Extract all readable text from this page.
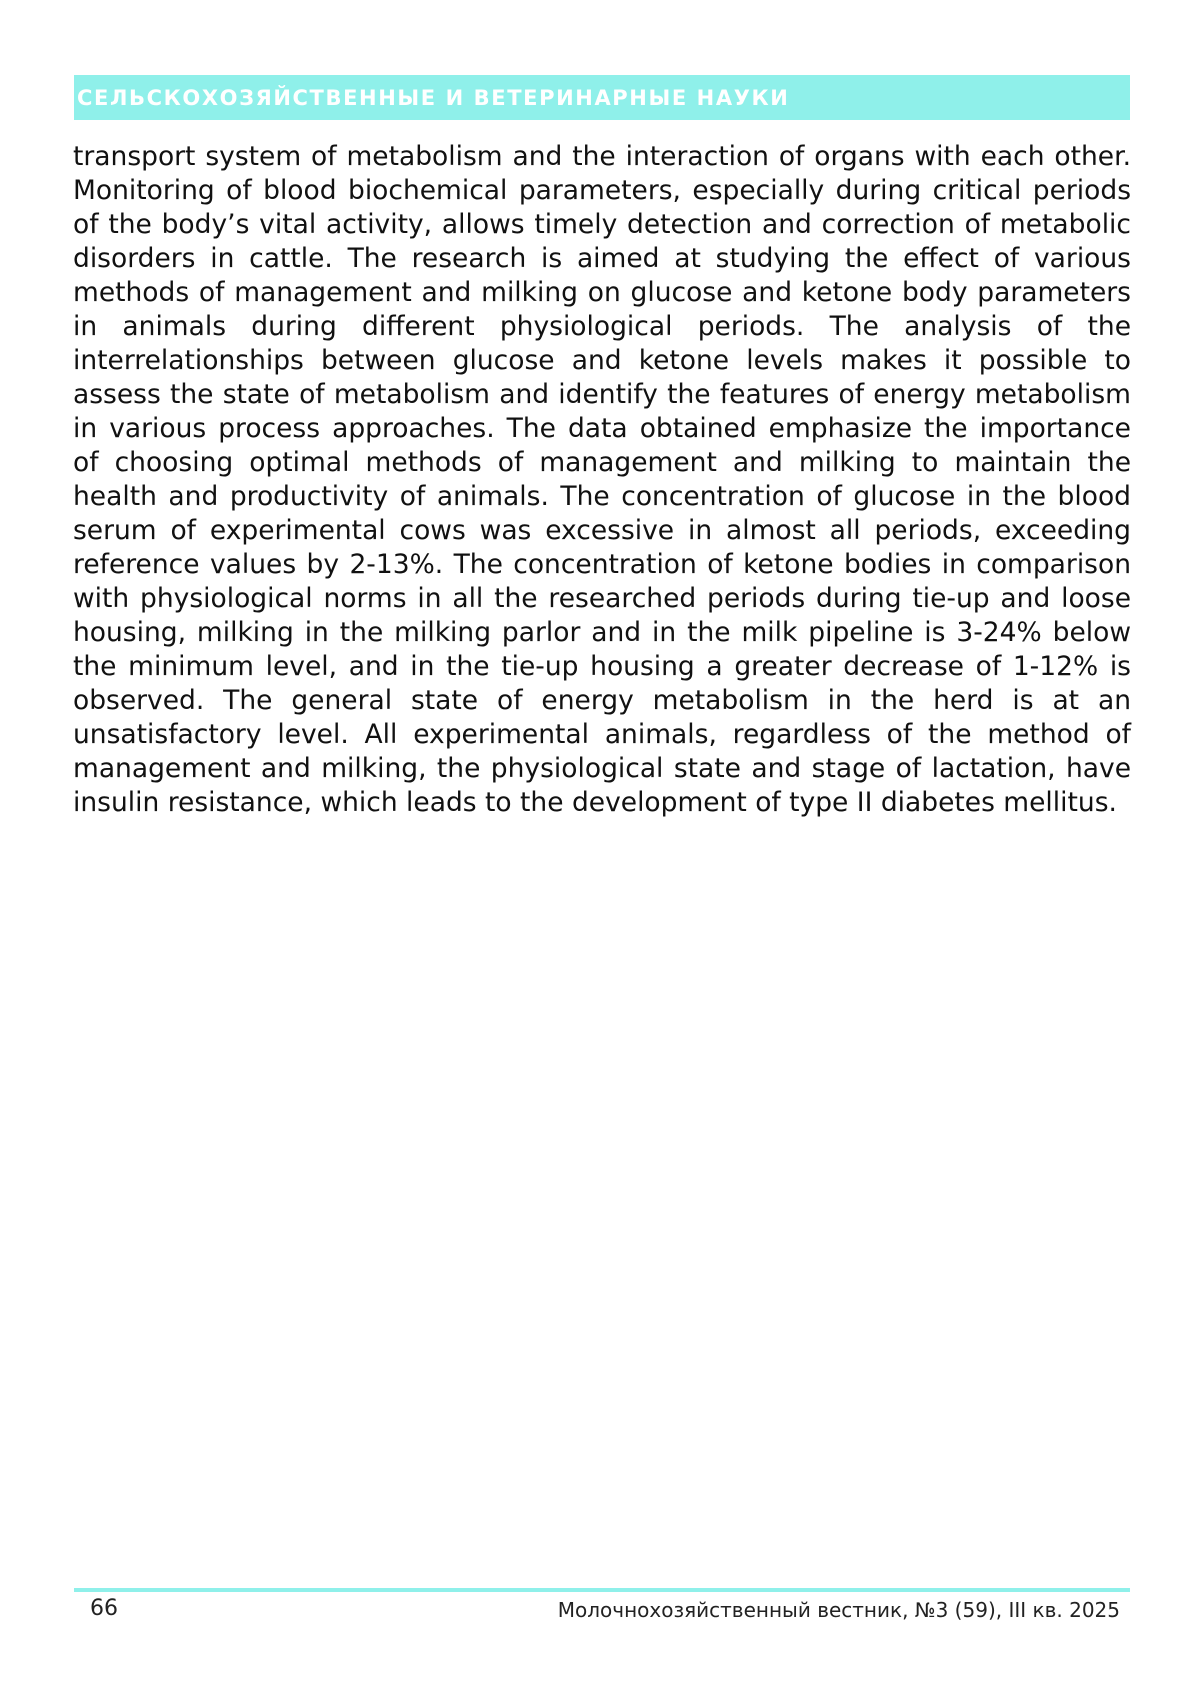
СЕЛЬСКОХОЗЯЙСТВЕННЫЕ И ВЕТЕРИНАРНЫЕ НАУКИ

transport system of metabolism and the interaction of organs with each other. Monitoring of blood biochemical parameters, especially during critical periods of the body’s vital activity, allows timely detection and correction of metabolic disorders in cattle. The research is aimed at studying the effect of various methods of management and milking on glucose and ketone body parameters in animals during different physiological periods. The analysis of the interrelationships between glucose and ketone levels makes it possible to assess the state of metabolism and identify the features of energy metabolism in various process approaches. The data obtained emphasize the importance of choosing optimal methods of management and milking to maintain the health and productivity of animals. The concentration of glucose in the blood serum of experimental cows was excessive in almost all periods, exceeding reference values by 2-13%. The concentration of ketone bodies in comparison with physiological norms in all the researched periods during tie-up and loose housing, milking in the milking parlor and in the milk pipeline is 3-24% below the minimum level, and in the tie-up housing a greater decrease of 1-12% is observed. The general state of energy metabolism in the herd is at an unsatisfactory level. All experimental animals, regardless of the method of management and milking, the physiological state and stage of lactation, have insulin resistance, which leads to the development of type II diabetes mellitus.

66	Молочнохозяйственный вестник, №3 (59), III кв. 2025
